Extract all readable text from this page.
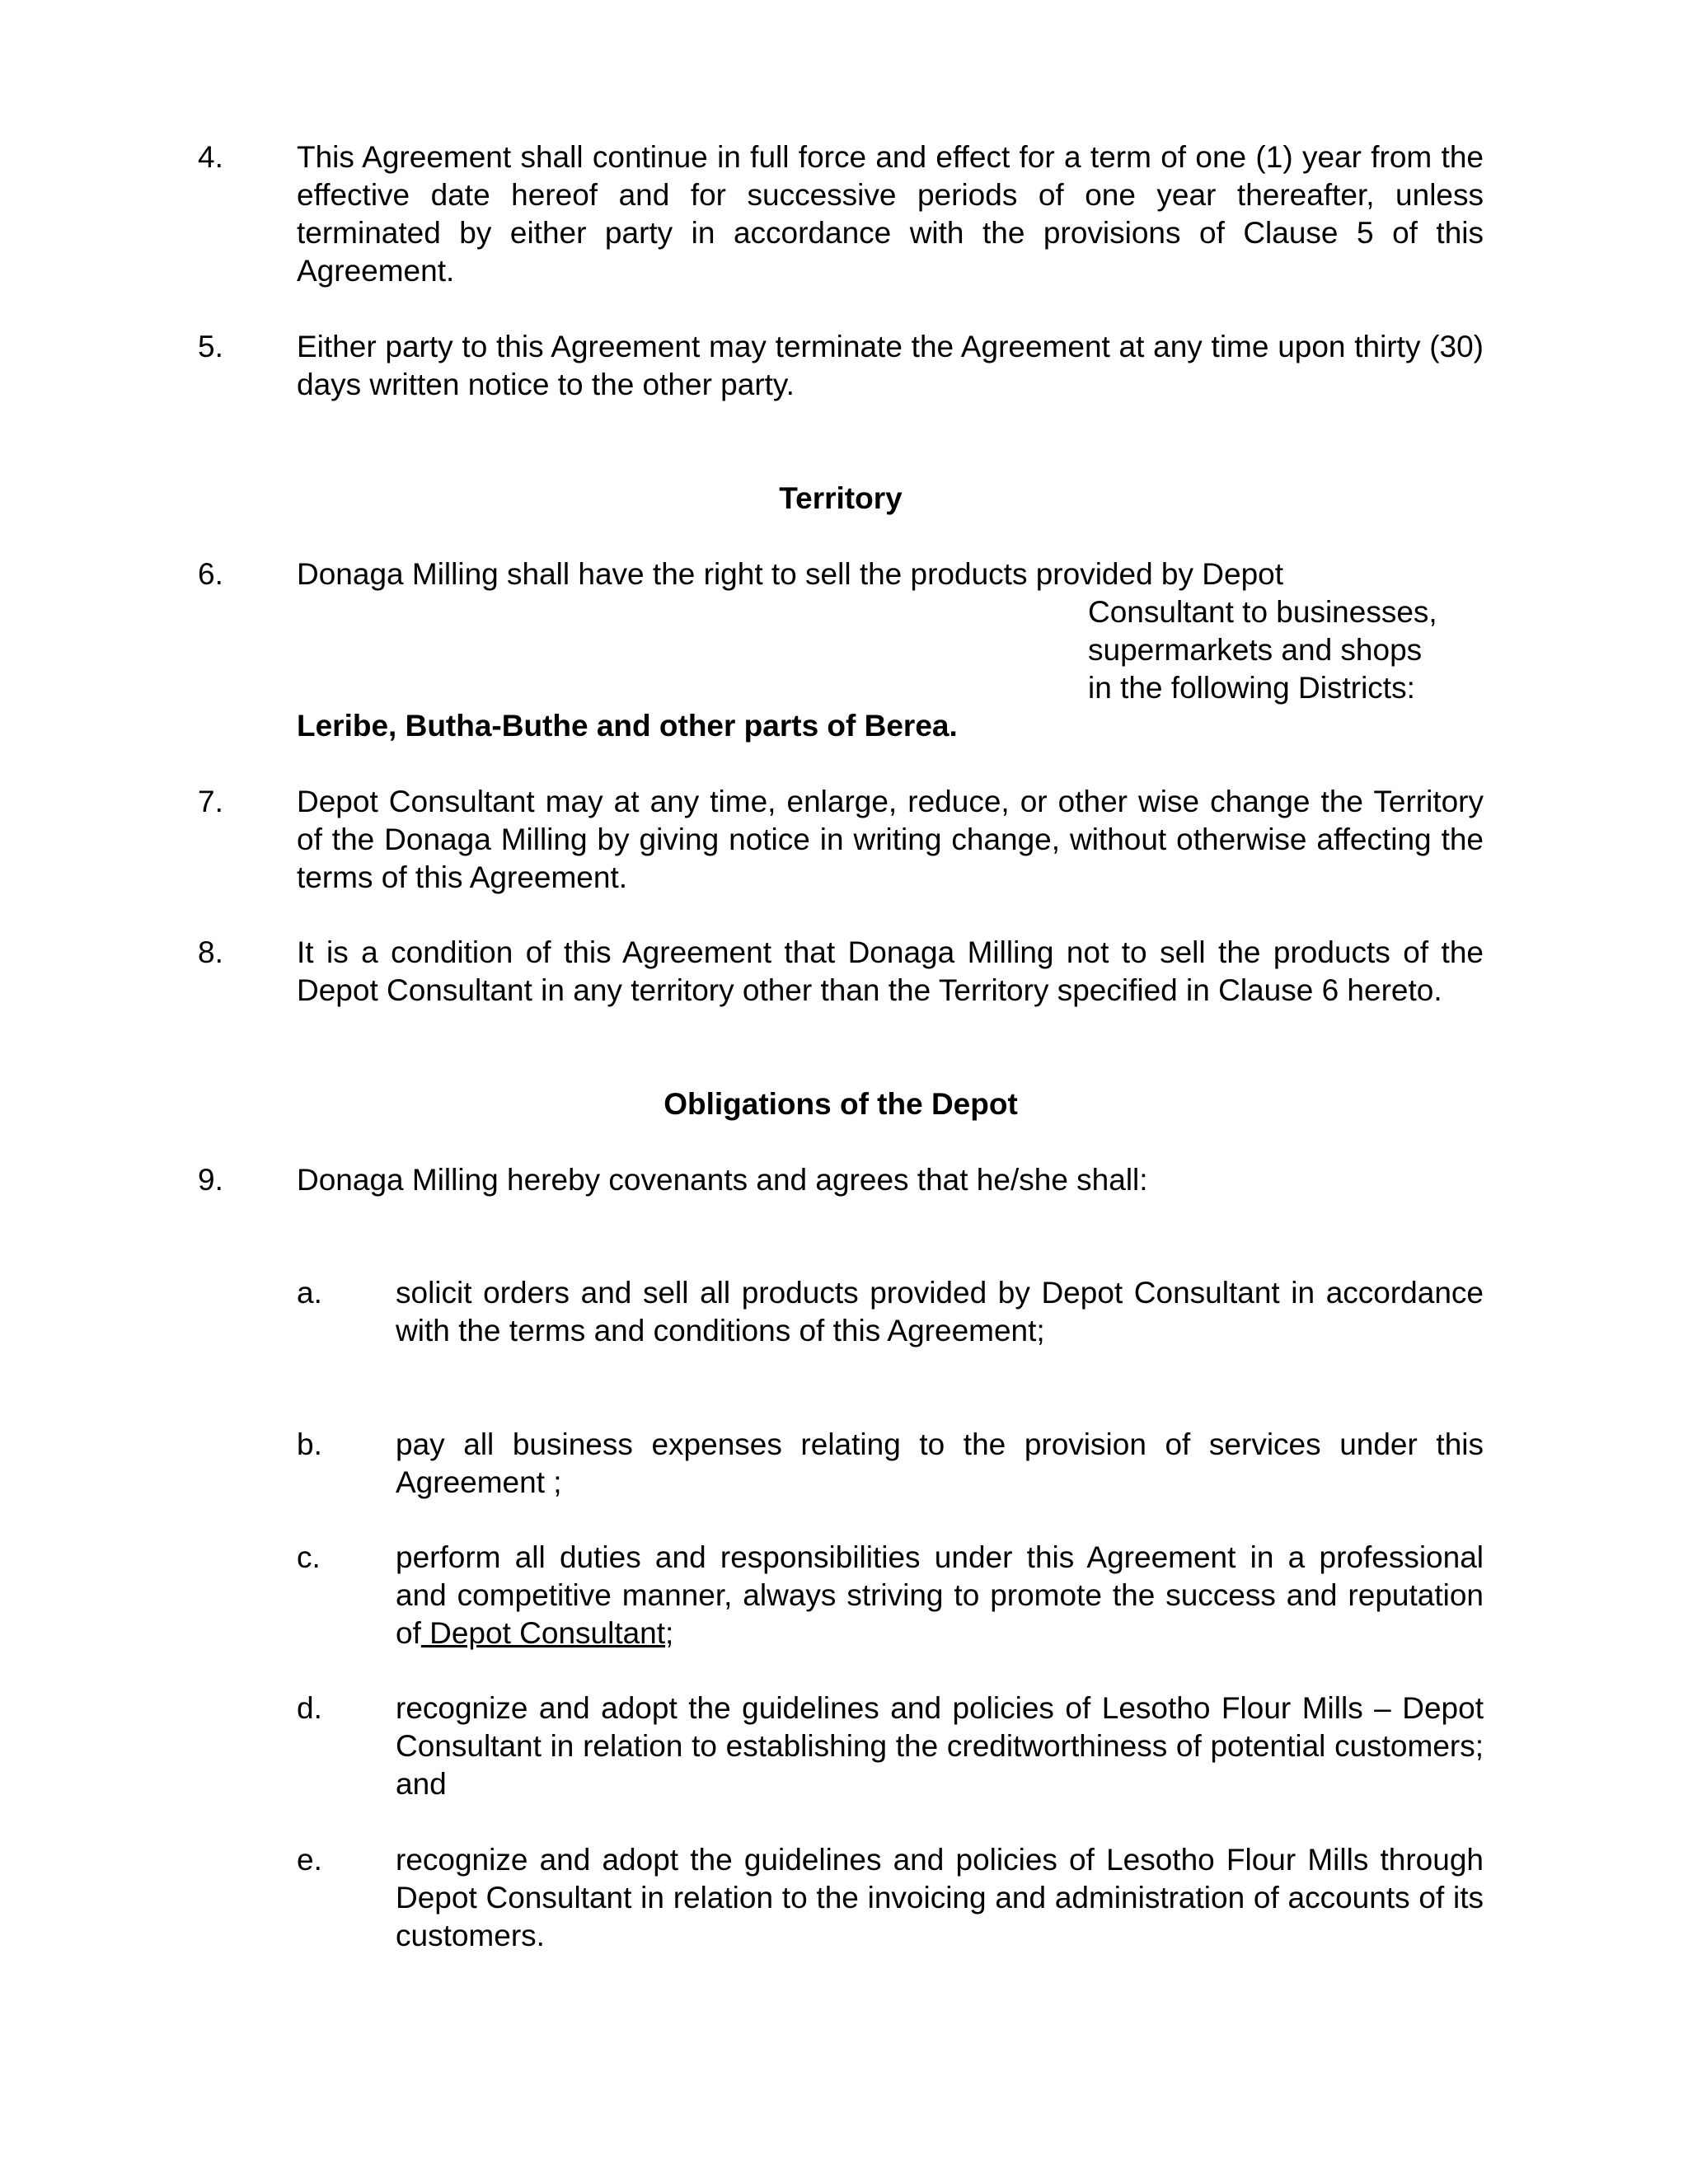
4.	This Agreement shall continue in full force and effect for a term of one (1) year from the effective date hereof and for successive periods of one year thereafter, unless terminated by either party in accordance with the provisions of Clause 5 of this Agreement.
5.	Either party to this Agreement may terminate the Agreement at any time upon thirty (30) days written notice to the other party.
Territory
6.	Donaga Milling shall have the right to sell the products provided by Depot
Consultant to businesses,
supermarkets and shops
in the following Districts:
Leribe, Butha-Buthe and other parts of Berea.
7.	Depot Consultant may at any time, enlarge, reduce, or other wise change the Territory of the Donaga Milling by giving notice in writing change, without otherwise affecting the terms of this Agreement.
8.	It is a condition of this Agreement that Donaga Milling not to sell the products of the Depot Consultant in any territory other than the Territory specified in Clause 6 hereto.
Obligations of the Depot
9.	Donaga Milling hereby covenants and agrees that he/she shall:
a.	solicit orders and sell all products provided by Depot Consultant in accordance with the terms and conditions of this Agreement;
b.	pay all business expenses relating to the provision of services under this Agreement ;
c.	perform all duties and responsibilities under this Agreement in a professional and competitive manner, always striving to promote the success and reputation of Depot Consultant;
d.	recognize and adopt the guidelines and policies of Lesotho Flour Mills – Depot Consultant in relation to establishing the creditworthiness of potential customers; and
e.	recognize and adopt the guidelines and policies of Lesotho Flour Mills through Depot Consultant in relation to the invoicing and administration of accounts of its customers.
